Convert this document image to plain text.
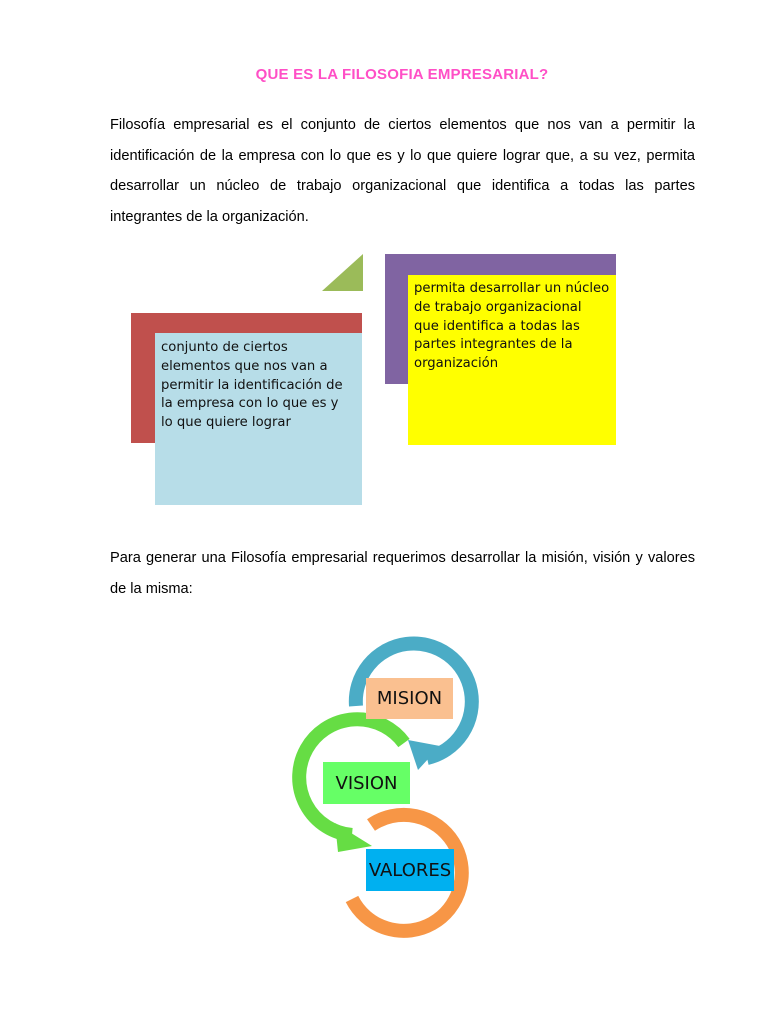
QUE ES LA FILOSOFIA EMPRESARIAL?
Filosofía empresarial es el conjunto de ciertos elementos que nos van a permitir la identificación de la empresa con lo que es y lo que quiere lograr que, a su vez, permita desarrollar un núcleo de trabajo organizacional que identifica a todas las partes integrantes de la organización.
conjunto de ciertos elementos que nos van a permitir la identificación de la empresa con lo que es y lo que quiere lograr
permita desarrollar un núcleo de trabajo organizacional que identifica a todas las partes integrantes de la organización
Para generar una Filosofía empresarial requerimos desarrollar la misión, visión y valores de la misma:
MISION
VISION
VALORES
